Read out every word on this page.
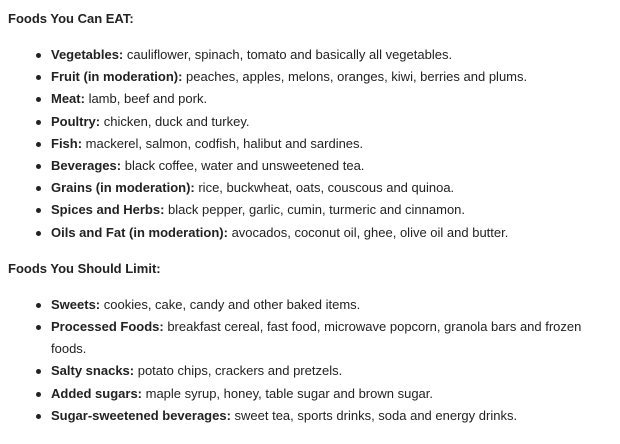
Foods You Can EAT:
Vegetables: cauliflower, spinach, tomato and basically all vegetables.
Fruit (in moderation): peaches, apples, melons, oranges, kiwi, berries and plums.
Meat: lamb, beef and pork.
Poultry: chicken, duck and turkey.
Fish: mackerel, salmon, codfish, halibut and sardines.
Beverages: black coffee, water and unsweetened tea.
Grains (in moderation): rice, buckwheat, oats, couscous and quinoa.
Spices and Herbs: black pepper, garlic, cumin, turmeric and cinnamon.
Oils and Fat (in moderation): avocados, coconut oil, ghee, olive oil and butter.
Foods You Should Limit:
Sweets: cookies, cake, candy and other baked items.
Processed Foods: breakfast cereal, fast food, microwave popcorn, granola bars and frozen foods.
Salty snacks: potato chips, crackers and pretzels.
Added sugars: maple syrup, honey, table sugar and brown sugar.
Sugar-sweetened beverages: sweet tea, sports drinks, soda and energy drinks.
